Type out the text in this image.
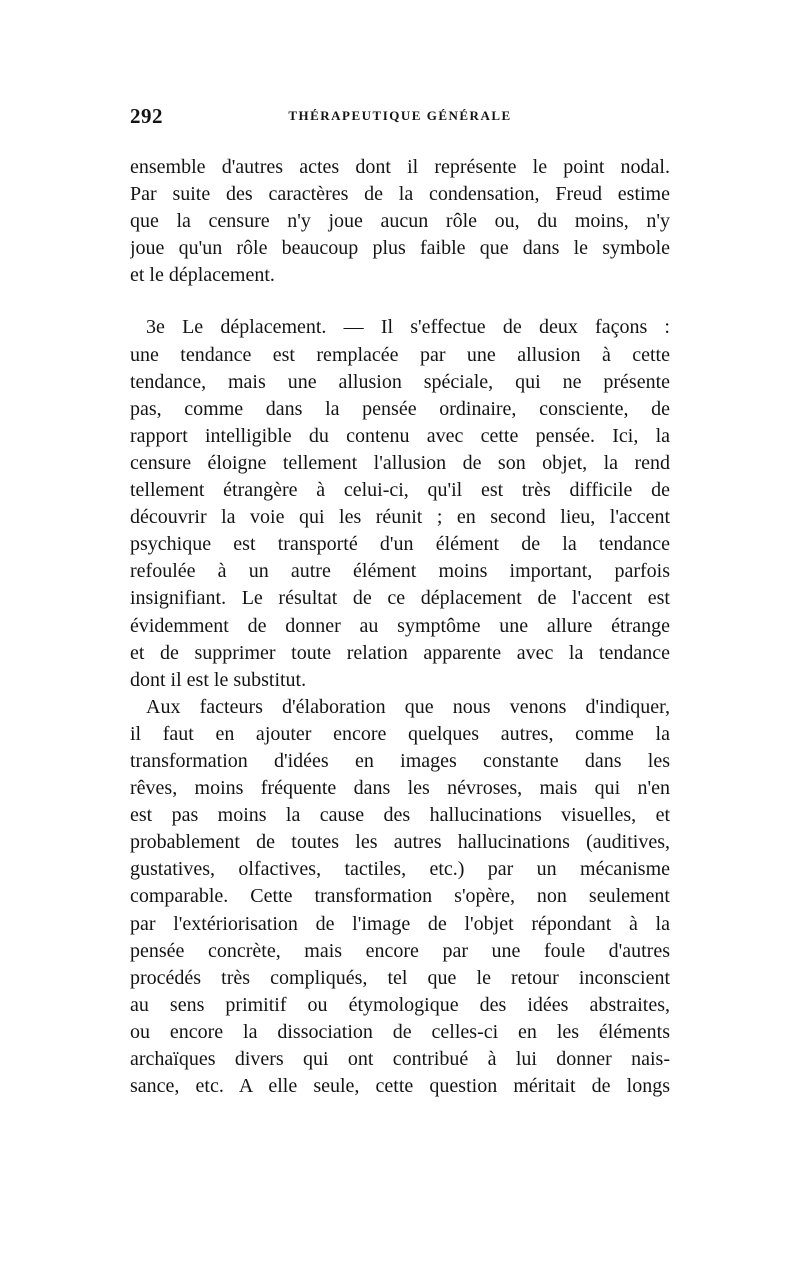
292	THÉRAPEUTIQUE GÉNÉRALE
ensemble d'autres actes dont il représente le point nodal.
Par suite des caractères de la condensation, Freud estime
que la censure n'y joue aucun rôle ou, du moins, n'y
joue qu'un rôle beaucoup plus faible que dans le symbole
et le déplacement.
3e Le déplacement. — Il s'effectue de deux façons :
une tendance est remplacée par une allusion à cette
tendance, mais une allusion spéciale, qui ne présente
pas, comme dans la pensée ordinaire, consciente, de
rapport intelligible du contenu avec cette pensée. Ici, la
censure éloigne tellement l'allusion de son objet, la rend
tellement étrangère à celui-ci, qu'il est très difficile de
découvrir la voie qui les réunit ; en second lieu, l'accent
psychique est transporté d'un élément de la tendance
refoulée à un autre élément moins important, parfois
insignifiant. Le résultat de ce déplacement de l'accent est
évidemment de donner au symptôme une allure étrange
et de supprimer toute relation apparente avec la tendance
dont il est le substitut.
Aux facteurs d'élaboration que nous venons d'indiquer,
il faut en ajouter encore quelques autres, comme la
transformation d'idées en images constante dans les
rêves, moins fréquente dans les névroses, mais qui n'en
est pas moins la cause des hallucinations visuelles, et
probablement de toutes les autres hallucinations (auditives,
gustatives, olfactives, tactiles, etc.) par un mécanisme
comparable. Cette transformation s'opère, non seulement
par l'extériorisation de l'image de l'objet répondant à la
pensée concrète, mais encore par une foule d'autres
procédés très compliqués, tel que le retour inconscient
au sens primitif ou étymologique des idées abstraites,
ou encore la dissociation de celles-ci en les éléments
archaïques divers qui ont contribué à lui donner nais-
sance, etc. A elle seule, cette question méritait de longs
